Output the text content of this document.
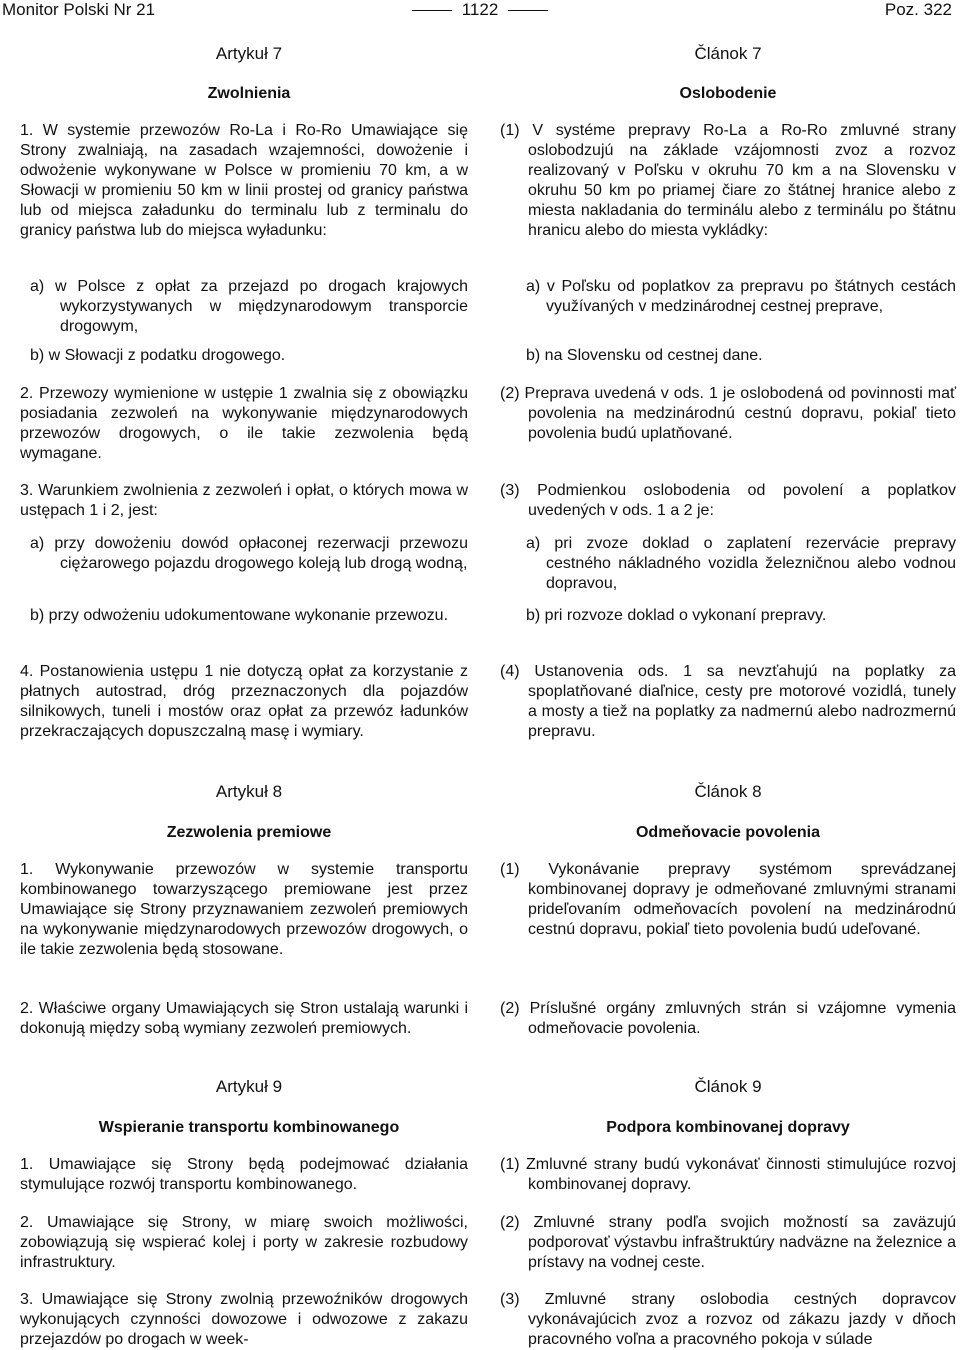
Monitor Polski Nr 21	1122	Poz. 322
Artykuł 7
Zwolnienia
1. W systemie przewozów Ro-La i Ro-Ro Umawiające się Strony zwalniają, na zasadach wzajemności, dowożenie i odwożenie wykonywane w Polsce w promieniu 70 km, a w Słowacji w promieniu 50 km w linii prostej od granicy państwa lub od miejsca załadunku do terminalu lub z terminalu do granicy państwa lub do miejsca wyładunku:
a) w Polsce z opłat za przejazd po drogach krajowych wykorzystywanych w międzynarodowym transporcie drogowym,
b) w Słowacji z podatku drogowego.
2. Przewozy wymienione w ustępie 1 zwalnia się z obowiązku posiadania zezwoleń na wykonywanie międzynarodowych przewozów drogowych, o ile takie zezwolenia będą wymagane.
3. Warunkiem zwolnienia z zezwoleń i opłat, o których mowa w ustępach 1 i 2, jest:
a) przy dowożeniu dowód opłaconej rezerwacji przewozu ciężarowego pojazdu drogowego koleją lub drogą wodną,
b) przy odwożeniu udokumentowane wykonanie przewozu.
4. Postanowienia ustępu 1 nie dotyczą opłat za korzystanie z płatnych autostrad, dróg przeznaczonych dla pojazdów silnikowych, tuneli i mostów oraz opłat za przewóz ładunków przekraczających dopuszczalną masę i wymiary.
Artykuł 8
Zezwolenia premiowe
1. Wykonywanie przewozów w systemie transportu kombinowanego towarzyszącego premiowane jest przez Umawiające się Strony przyznawaniem zezwoleń premiowych na wykonywanie międzynarodowych przewozów drogowych, o ile takie zezwolenia będą stosowane.
2. Właściwe organy Umawiających się Stron ustalają warunki i dokonują między sobą wymiany zezwoleń premiowych.
Artykuł 9
Wspieranie transportu kombinowanego
1. Umawiające się Strony będą podejmować działania stymulujące rozwój transportu kombinowanego.
2. Umawiające się Strony, w miarę swoich możliwości, zobowiązują się wspierać kolej i porty w zakresie rozbudowy infrastruktury.
3. Umawiające się Strony zwolnią przewoźników drogowych wykonujących czynności dowozowe i odwozowe z zakazu przejazdów po drogach w week-
Článok 7
Oslobodenie
(1) V systéme prepravy Ro-La a Ro-Ro zmluvné strany oslobodzujú na základe vzájomnosti zvoz a rozvoz realizovaný v Poľsku v okruhu 70 km a na Slovensku v okruhu 50 km po priamej čiare zo štátnej hranice alebo z miesta nakladania do terminálu alebo z terminálu po štátnu hranicu alebo do miesta vykládky:
a) v Poľsku od poplatkov za prepravu po štátnych cestách využívaných v medzinárodnej cestnej preprave,
b) na Slovensku od cestnej dane.
(2) Preprava uvedená v ods. 1 je oslobodená od povinnosti mať povolenia na medzinárodnú cestnú dopravu, pokiaľ tieto povolenia budú uplatňované.
(3) Podmienkou oslobodenia od povolení a poplatkov uvedených v ods. 1 a 2 je:
a) pri zvoze doklad o zaplatení rezervácie prepravy cestného nákladného vozidla železničnou alebo vodnou dopravou,
b) pri rozvoze doklad o vykonaní prepravy.
(4) Ustanovenia ods. 1 sa nevzťahujú na poplatky za spoplatňované diaľnice, cesty pre motorové vozidlá, tunely a mosty a tiež na poplatky za nadmernú alebo nadrozmernú prepravu.
Článok 8
Odmeňovacie povolenia
(1) Vykonávanie prepravy systémom sprevádzanej kombinovanej dopravy je odmeňované zmluvnými stranami prideľovaním odmeňovacích povolení na medzinárodnú cestnú dopravu, pokiaľ tieto povolenia budú udeľované.
(2) Príslušné orgány zmluvných strán si vzájomne vymenia odmeňovacie povolenia.
Článok 9
Podpora kombinovanej dopravy
(1) Zmluvné strany budú vykonávať činnosti stimulujúce rozvoj kombinovanej dopravy.
(2) Zmluvné strany podľa svojich možností sa zaväzujú podporovať výstavbu infraštruktúry nadväzne na železnice a prístavy na vodnej ceste.
(3) Zmluvné strany oslobodia cestných dopravcov vykonávajúcich zvoz a rozvoz od zákazu jazdy v dňoch pracovného voľna a pracovného pokoja v súlade
